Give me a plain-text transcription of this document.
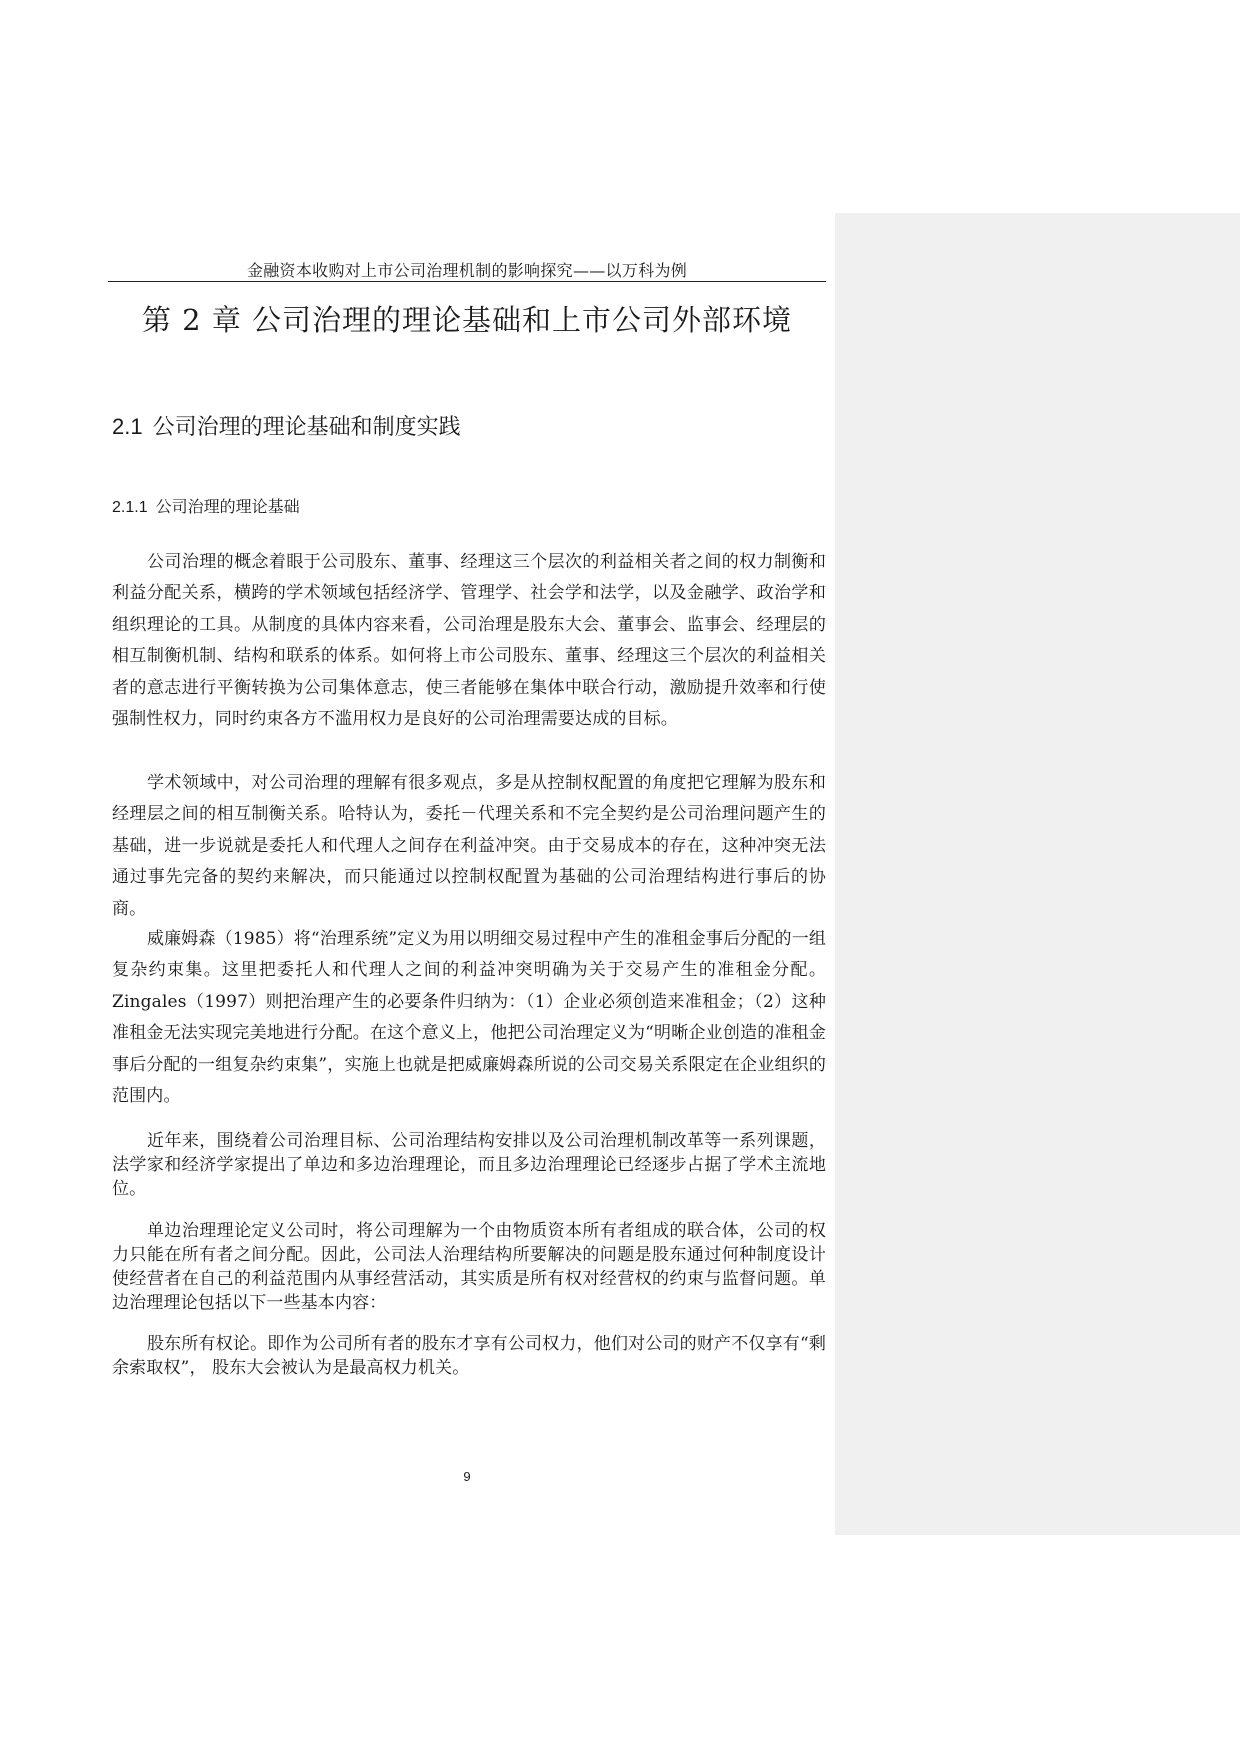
金融资本收购对上市公司治理机制的影响探究——以万科为例
第 2 章 公司治理的理论基础和上市公司外部环境
2.1 公司治理的理论基础和制度实践
2.1.1 公司治理的理论基础

公司治理的概念着眼于公司股东、董事、经理这三个层次的利益相关者之间的权力制衡和利益分配关系，横跨的学术领域包括经济学、管理学、社会学和法学，以及金融学、政治学和组织理论的工具。从制度的具体内容来看，公司治理是股东大会、董事会、监事会、经理层的相互制衡机制、结构和联系的体系。如何将上市公司股东、董事、经理这三个层次的利益相关者的意志进行平衡转换为公司集体意志，使三者能够在集体中联合行动，激励提升效率和行使强制性权力，同时约束各方不滥用权力是良好的公司治理需要达成的目标。

学术领域中，对公司治理的理解有很多观点，多是从控制权配置的角度把它理解为股东和经理层之间的相互制衡关系。哈特认为，委托－代理关系和不完全契约是公司治理问题产生的基础，进一步说就是委托人和代理人之间存在利益冲突。由于交易成本的存在，这种冲突无法通过事先完备的契约来解决，而只能通过以控制权配置为基础的公司治理结构进行事后的协商。

威廉姆森（1985）将“治理系统”定义为用以明细交易过程中产生的准租金事后分配的一组复杂约束集。这里把委托人和代理人之间的利益冲突明确为关于交易产生的准租金分配。Zingales（1997）则把治理产生的必要条件归纳为：（1）企业必须创造来准租金；（2）这种准租金无法实现完美地进行分配。在这个意义上，他把公司治理定义为“明晰企业创造的准租金事后分配的一组复杂约束集”，实施上也就是把威廉姆森所说的公司交易关系限定在企业组织的范围内。

近年来，围绕着公司治理目标、公司治理结构安排以及公司治理机制改革等一系列课题，法学家和经济学家提出了单边和多边治理理论，而且多边治理理论已经逐步占据了学术主流地位。

单边治理理论定义公司时，将公司理解为一个由物质资本所有者组成的联合体，公司的权力只能在所有者之间分配。因此，公司法人治理结构所要解决的问题是股东通过何种制度设计使经营者在自己的利益范围内从事经营活动，其实质是所有权对经营权的约束与监督问题。单边治理理论包括以下一些基本内容：

股东所有权论。即作为公司所有者的股东才享有公司权力，他们对公司的财产不仅享有“剩余索取权”， 股东大会被认为是最高权力机关。

9
